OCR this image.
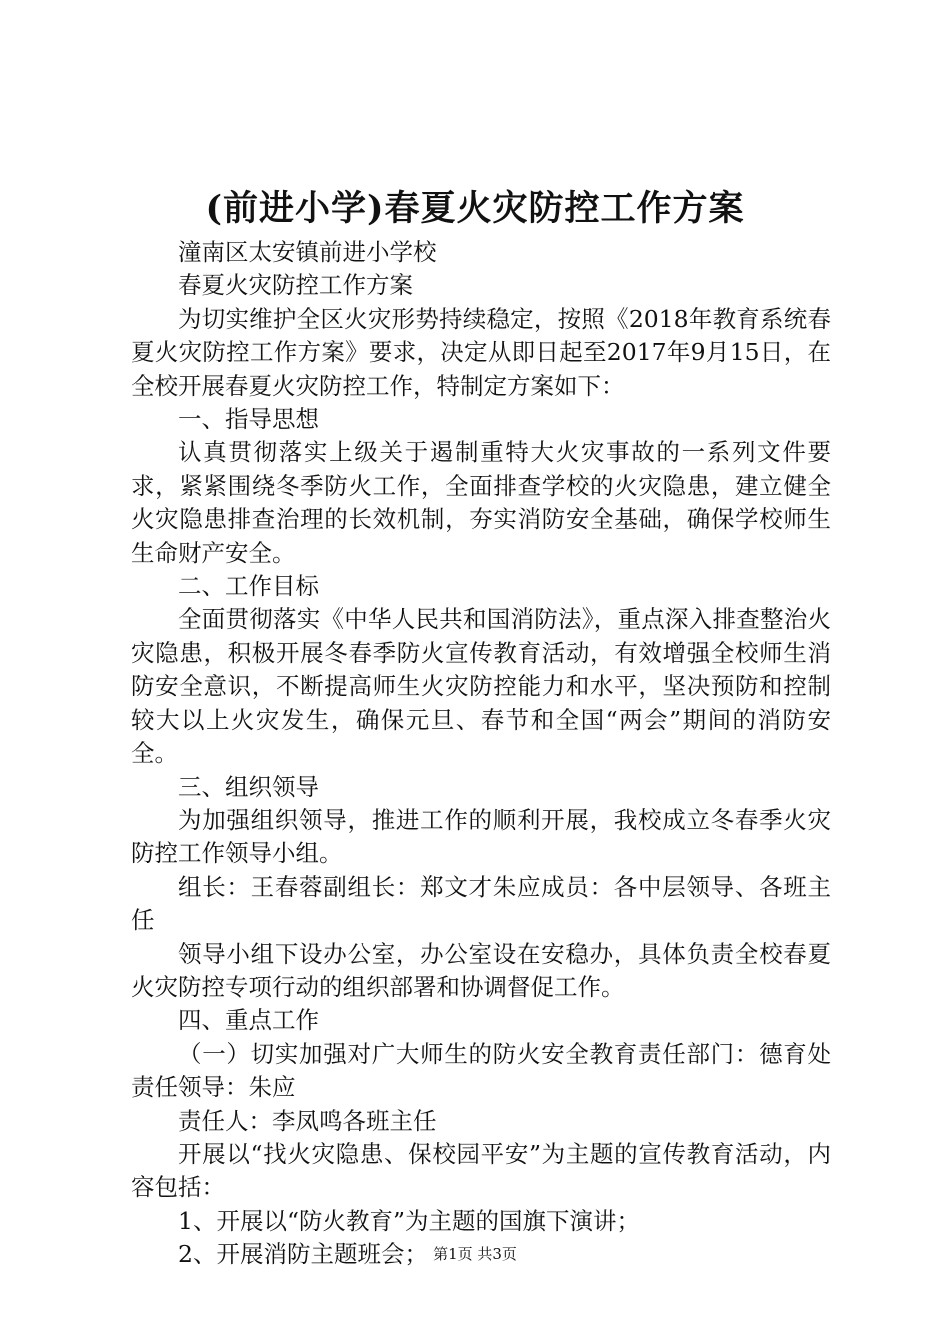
(前进小学)春夏火灾防控工作方案

潼南区太安镇前进小学校

春夏火灾防控工作方案

为切实维护全区火灾形势持续稳定，按照《2018年教育系统春夏火灾防控工作方案》要求，决定从即日起至2017年9月15日，在全校开展春夏火灾防控工作，特制定方案如下：

一、指导思想

认真贯彻落实上级关于遏制重特大火灾事故的一系列文件要求，紧紧围绕冬季防火工作，全面排查学校的火灾隐患，建立健全火灾隐患排查治理的长效机制，夯实消防安全基础，确保学校师生生命财产安全。

二、工作目标

全面贯彻落实《中华人民共和国消防法》，重点深入排查整治火灾隐患，积极开展冬春季防火宣传教育活动，有效增强全校师生消防安全意识，不断提高师生火灾防控能力和水平，坚决预防和控制较大以上火灾发生，确保元旦、春节和全国“两会”期间的消防安全。

三、组织领导

为加强组织领导，推进工作的顺利开展，我校成立冬春季火灾防控工作领导小组。

组长：王春蓉副组长：郑文才朱应成员：各中层领导、各班主任

领导小组下设办公室，办公室设在安稳办，具体负责全校春夏火灾防控专项行动的组织部署和协调督促工作。

四、重点工作

（一）切实加强对广大师生的防火安全教育责任部门：德育处责任领导：朱应

责任人：李凤鸣各班主任

开展以“找火灾隐患、保校园平安”为主题的宣传教育活动，内容包括：

1、开展以“防火教育”为主题的国旗下演讲；

2、开展消防主题班会； 第1页 共3页
